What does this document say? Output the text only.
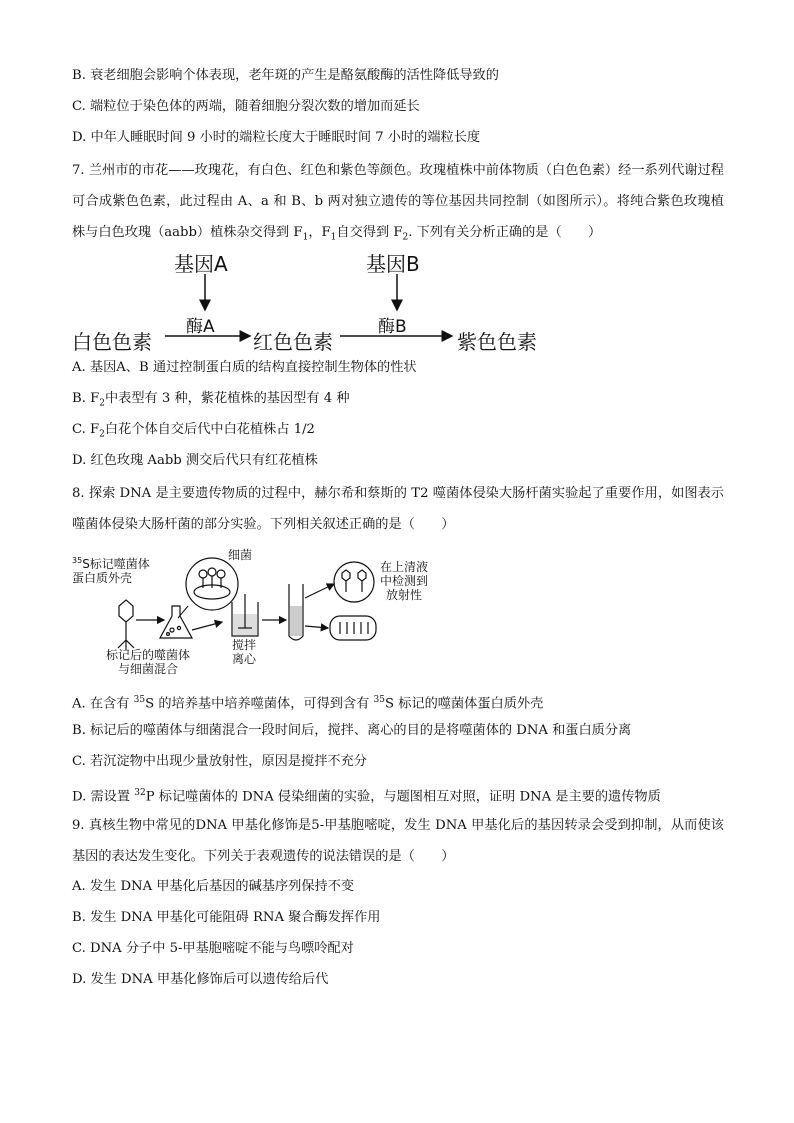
B. 衰老细胞会影响个体表现，老年斑的产生是酪氨酸酶的活性降低导致的
C. 端粒位于染色体的两端，随着细胞分裂次数的增加而延长
D. 中年人睡眠时间 9 小时的端粒长度大于睡眠时间 7 小时的端粒长度
7. 兰州市的市花——玫瑰花，有白色、红色和紫色等颜色。玫瑰植株中前体物质（白色色素）经一系列代谢过程可合成紫色色素，此过程由 A、a 和 B、b 两对独立遗传的等位基因共同控制（如图所示）。将纯合紫色玫瑰植株与白色玫瑰（aabb）植株杂交得到 $F_1$，$F_1$自交得到 $F_2$. 下列有关分析正确的是（　　）
基因A	基因B
酶A	酶B
白色色素	红色色素	紫色色素
A. 基因A、B 通过控制蛋白质的结构直接控制生物体的性状
B. $F_2$中表型有 3 种，紫花植株的基因型有 4 种
C. $F_2$白花个体自交后代中白花植株占 1/2
D. 红色玫瑰 Aabb 测交后代只有红花植株
8. 探索 DNA 是主要遗传物质的过程中，赫尔希和蔡斯的 T2 噬菌体侵染大肠杆菌实验起了重要作用，如图表示噬菌体侵染大肠杆菌的部分实验。下列相关叙述正确的是（　　）
$^{35}$S标记噬菌体
蛋白质外壳
细菌
标记后的噬菌体
与细菌混合
搅拌
离心
在上清液
中检测到
放射性
A. 在含有 $^{35}$S 的培养基中培养噬菌体，可得到含有 $^{35}$S 标记的噬菌体蛋白质外壳
B. 标记后的噬菌体与细菌混合一段时间后，搅拌、离心的目的是将噬菌体的 DNA 和蛋白质分离
C. 若沉淀物中出现少量放射性，原因是搅拌不充分
D. 需设置 $^{32}$P 标记噬菌体的 DNA 侵染细菌的实验，与题图相互对照，证明 DNA 是主要的遗传物质
9. 真核生物中常见的DNA 甲基化修饰是5-甲基胞嘧啶，发生 DNA 甲基化后的基因转录会受到抑制，从而使该基因的表达发生变化。下列关于表观遗传的说法错误的是（　　）
A. 发生 DNA 甲基化后基因的碱基序列保持不变
B. 发生 DNA 甲基化可能阻碍 RNA 聚合酶发挥作用
C. DNA 分子中 5-甲基胞嘧啶不能与鸟嘌呤配对
D. 发生 DNA 甲基化修饰后可以遗传给后代
